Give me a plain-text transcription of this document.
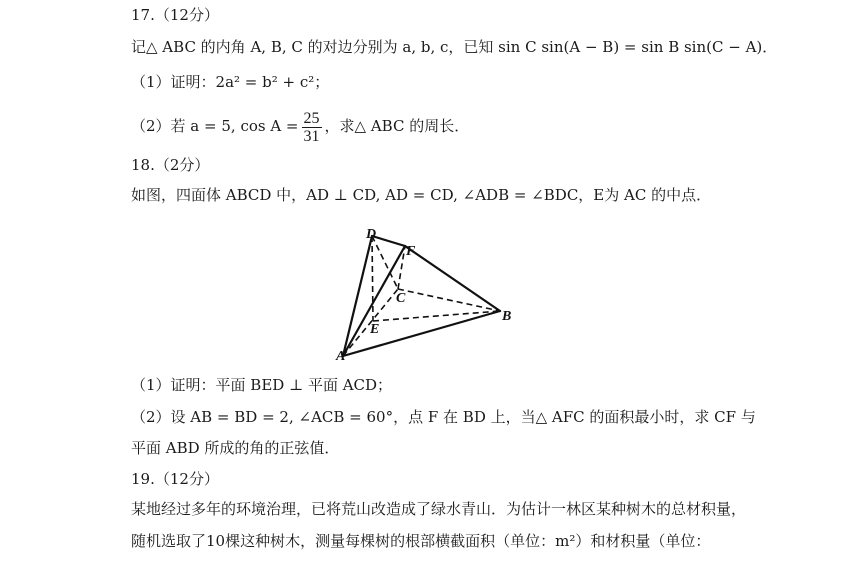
17.（12分）
记△ ABC 的内角 A, B, C 的对边分别为 a, b, c，已知 sin C sin(A − B) = sin B sin(C − A)．
（1）证明：2a² = b² + c²；
（2）若 a = 5, $\cos A = \frac{25}{31}$ ，求△ ABC 的周长．
18.（2分）
如图，四面体 ABCD 中，AD ⊥ CD, AD = CD, ∠ADB = ∠BDC，E为 AC 的中点．
D
F
C
E
B
A
（1）证明：平面 BED ⊥ 平面 ACD；
（2）设 AB = BD = 2, ∠ACB = 60°，点 F 在 BD 上，当△ AFC 的面积最小时，求 CF 与
平面 ABD 所成的角的正弦值．
19.（12分）
某地经过多年的环境治理，已将荒山改造成了绿水青山．为估计一林区某种树木的总材积量，
随机选取了10棵这种树木，测量每棵树的根部横截面积（单位：m²）和材积量（单位：
